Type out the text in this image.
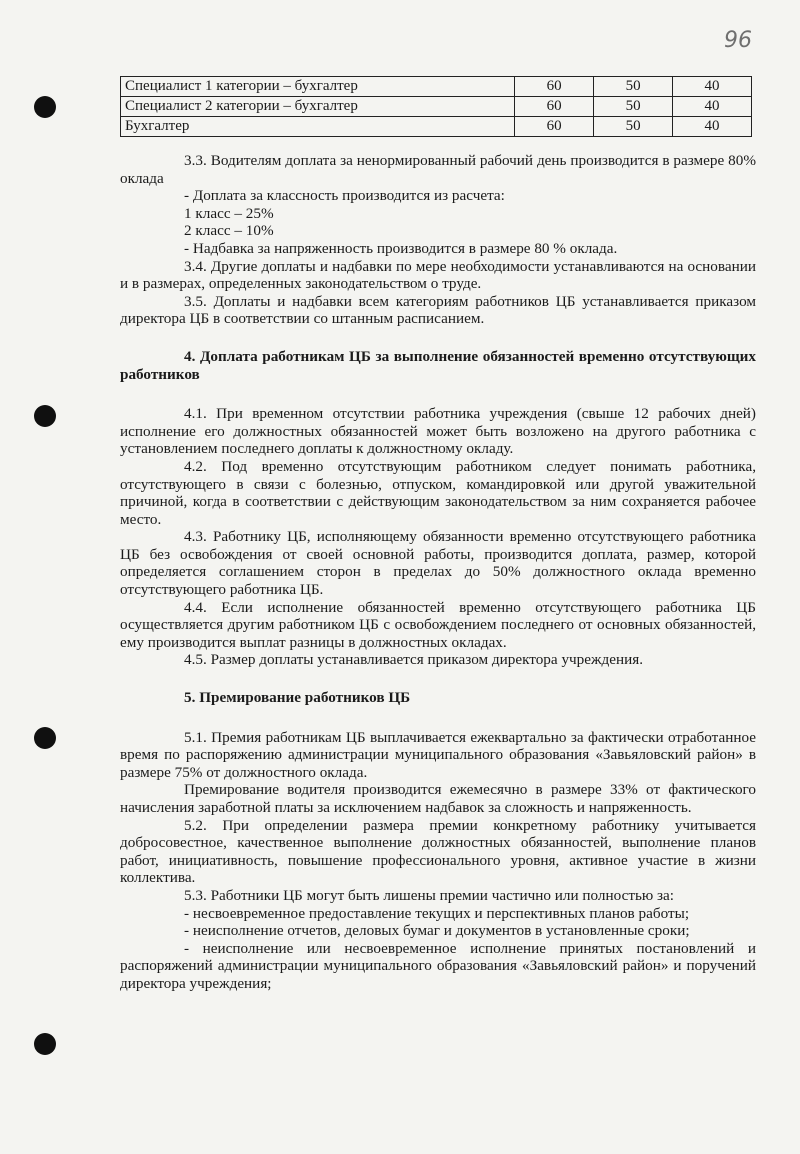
96
Специалист 1 категории – бухгалтер	60	50	40
Специалист 2 категории – бухгалтер	60	50	40
Бухгалтер	60	50	40

3.3. Водителям доплата за ненормированный рабочий день производится в размере 80% оклада

- Доплата за классность производится из расчета:

1 класс – 25%

2 класс – 10%

- Надбавка за напряженность производится в размере 80 % оклада.

3.4. Другие доплаты и надбавки по мере необходимости устанавливаются на основании и в размерах, определенных законодательством о труде.

3.5. Доплаты и надбавки всем категориям работников ЦБ устанавливается приказом директора ЦБ в соответствии со штанным расписанием.

4. Доплата работникам ЦБ за выполнение обязанностей временно отсутствующих работников

4.1. При временном отсутствии работника учреждения (свыше 12 рабочих дней) исполнение его должностных обязанностей может быть возложено на другого работника с установлением последнего доплаты к должностному окладу.

4.2. Под временно отсутствующим работником следует понимать работника, отсутствующего в связи с болезнью, отпуском, командировкой или другой уважительной причиной, когда в соответствии с действующим законодательством за ним сохраняется рабочее место.

4.3. Работнику ЦБ, исполняющему обязанности временно отсутствующего работника ЦБ без освобождения от своей основной работы, производится доплата, размер, которой определяется соглашением сторон в пределах до 50% должностного оклада временно отсутствующего работника ЦБ.

4.4. Если исполнение обязанностей временно отсутствующего работника ЦБ осуществляется другим работником ЦБ с освобождением последнего от основных обязанностей, ему производится выплат разницы в должностных окладах.

4.5. Размер доплаты устанавливается приказом директора учреждения.

5. Премирование работников ЦБ

5.1. Премия работникам ЦБ выплачивается ежеквартально за фактически отработанное время по распоряжению администрации муниципального образования «Завьяловский район» в размере 75% от должностного оклада.

Премирование водителя производится ежемесячно в размере 33% от фактического начисления заработной платы за исключением надбавок за сложность и напряженность.

5.2. При определении размера премии конкретному работнику учитывается добросовестное, качественное выполнение должностных обязанностей, выполнение планов работ, инициативность, повышение профессионального уровня, активное участие в жизни коллектива.

5.3. Работники ЦБ могут быть лишены премии частично или полностью за:

- несвоевременное предоставление текущих и перспективных планов работы;

- неисполнение отчетов, деловых бумаг и документов в установленные сроки;

- неисполнение или несвоевременное исполнение принятых постановлений и распоряжений администрации муниципального образования «Завьяловский район» и поручений директора учреждения;
